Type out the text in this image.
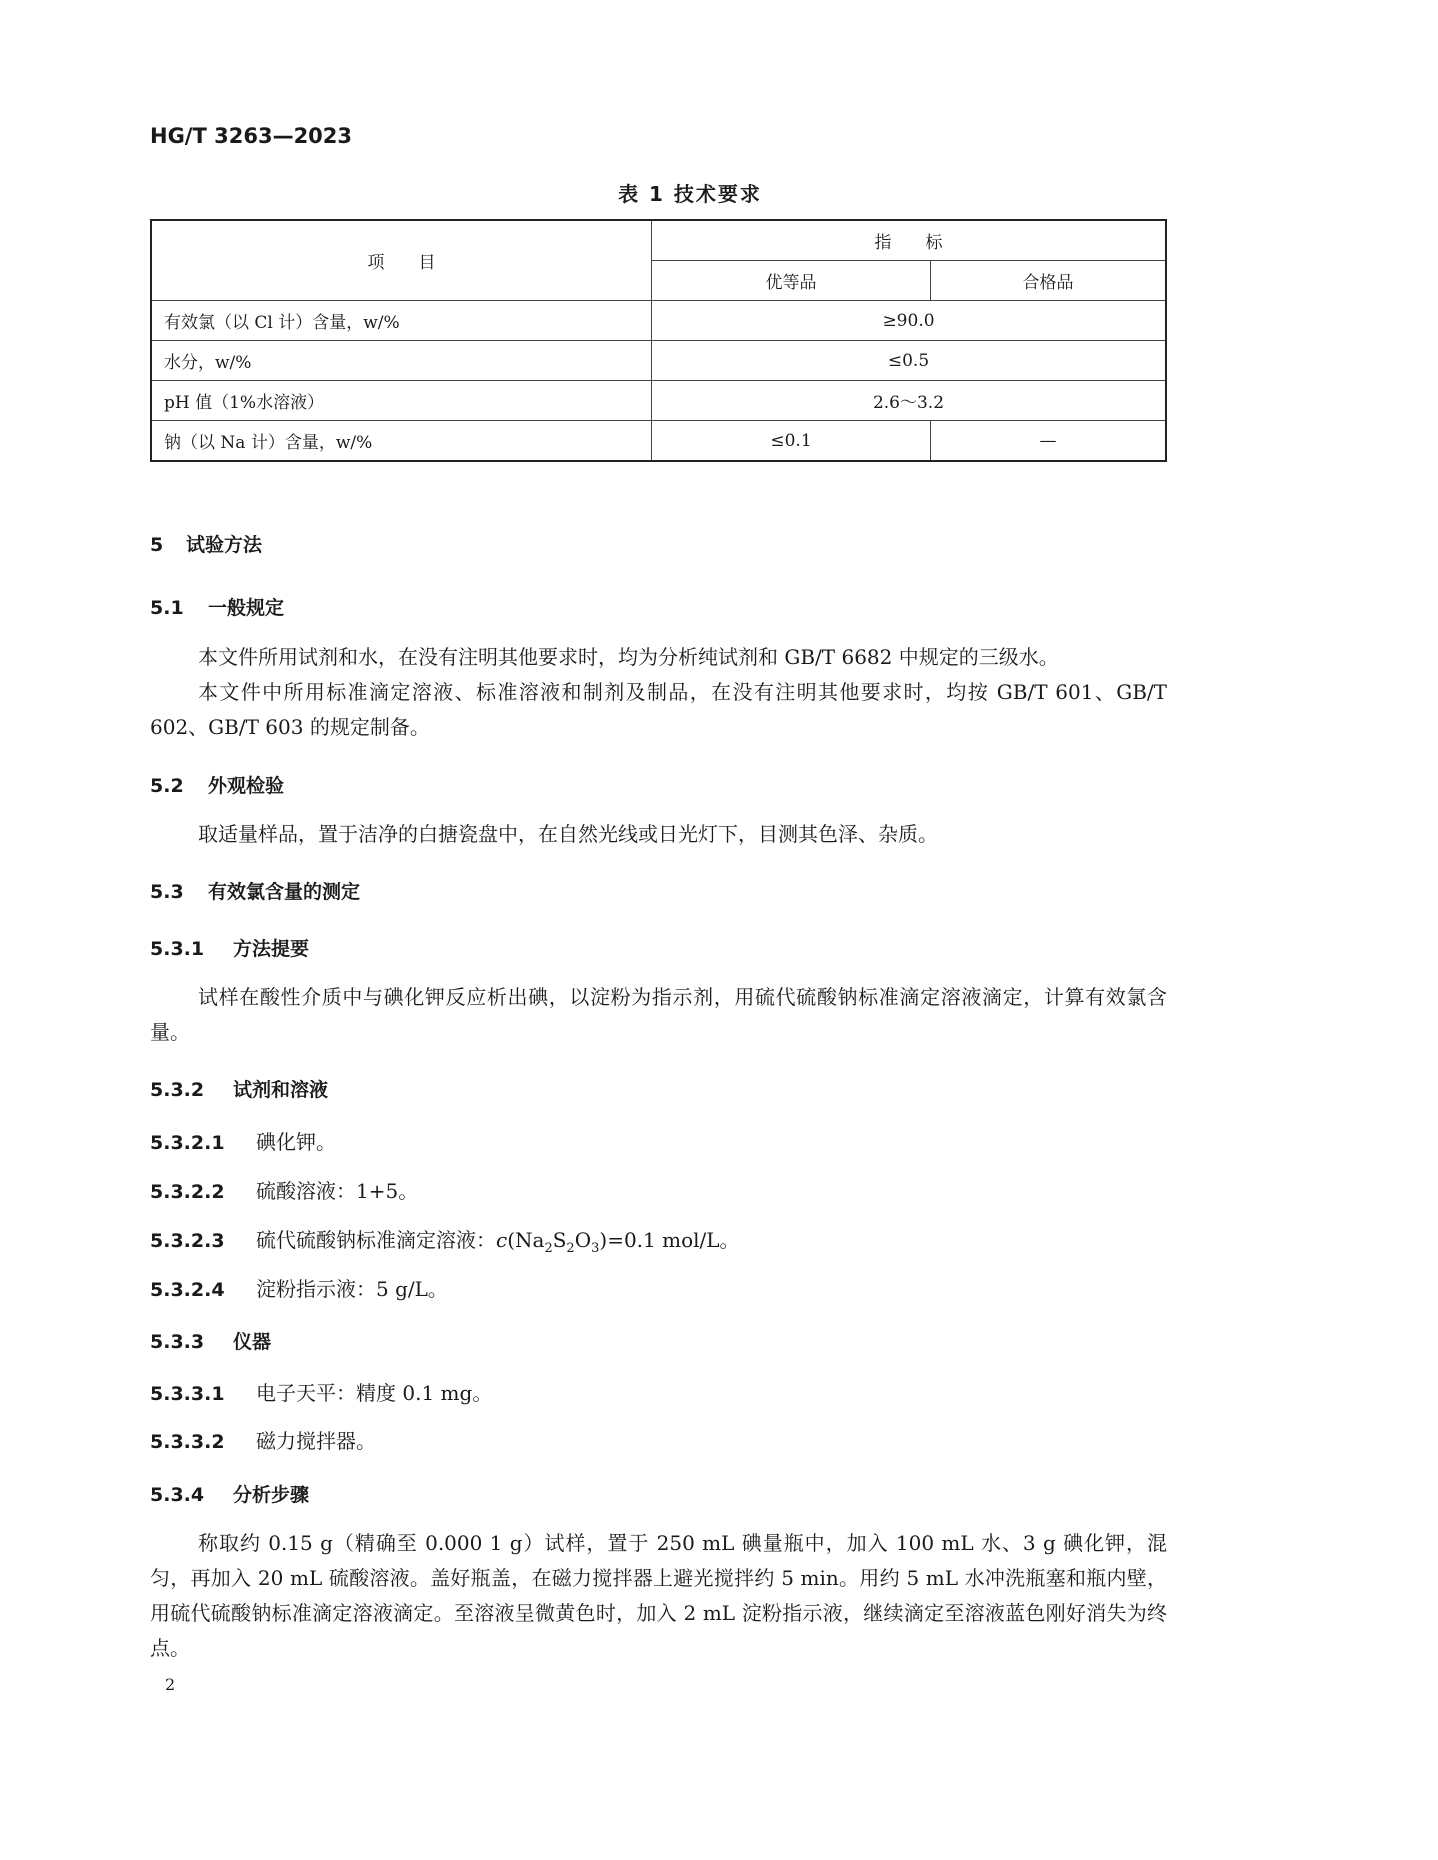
HG/T 3263—2023
表 1 技术要求
项　　目	指　　标	
	优等品	合格品
有效氯（以 Cl 计）含量，w/%	≥90.0	
水分，w/%	≤0.5	
pH 值（1%水溶液）	2.6～3.2	
钠（以 Na 计）含量，w/%	≤0.1	—
5 试验方法
5.1 一般规定
本文件所用试剂和水，在没有注明其他要求时，均为分析纯试剂和 GB/T 6682 中规定的三级水。
本文件中所用标准滴定溶液、标准溶液和制剂及制品，在没有注明其他要求时，均按 GB/T 601、GB/T 602、GB/T 603 的规定制备。
5.2 外观检验
取适量样品，置于洁净的白搪瓷盘中，在自然光线或日光灯下，目测其色泽、杂质。
5.3 有效氯含量的测定
5.3.1 方法提要
试样在酸性介质中与碘化钾反应析出碘，以淀粉为指示剂，用硫代硫酸钠标准滴定溶液滴定，计算有效氯含量。
5.3.2 试剂和溶液
5.3.2.1 碘化钾。
5.3.2.2 硫酸溶液：1+5。
5.3.2.3 硫代硫酸钠标准滴定溶液：$c(Na_2S_2O_3)=0.1$ mol/L。
5.3.2.4 淀粉指示液：5 g/L。
5.3.3 仪器
5.3.3.1 电子天平：精度 0.1 mg。
5.3.3.2 磁力搅拌器。
5.3.4 分析步骤
称取约 0.15 g（精确至 0.000 1 g）试样，置于 250 mL 碘量瓶中，加入 100 mL 水、3 g 碘化钾，混匀，再加入 20 mL 硫酸溶液。盖好瓶盖，在磁力搅拌器上避光搅拌约 5 min。用约 5 mL 水冲洗瓶塞和瓶内壁，用硫代硫酸钠标准滴定溶液滴定。至溶液呈微黄色时，加入 2 mL 淀粉指示液，继续滴定至溶液蓝色刚好消失为终点。
2
